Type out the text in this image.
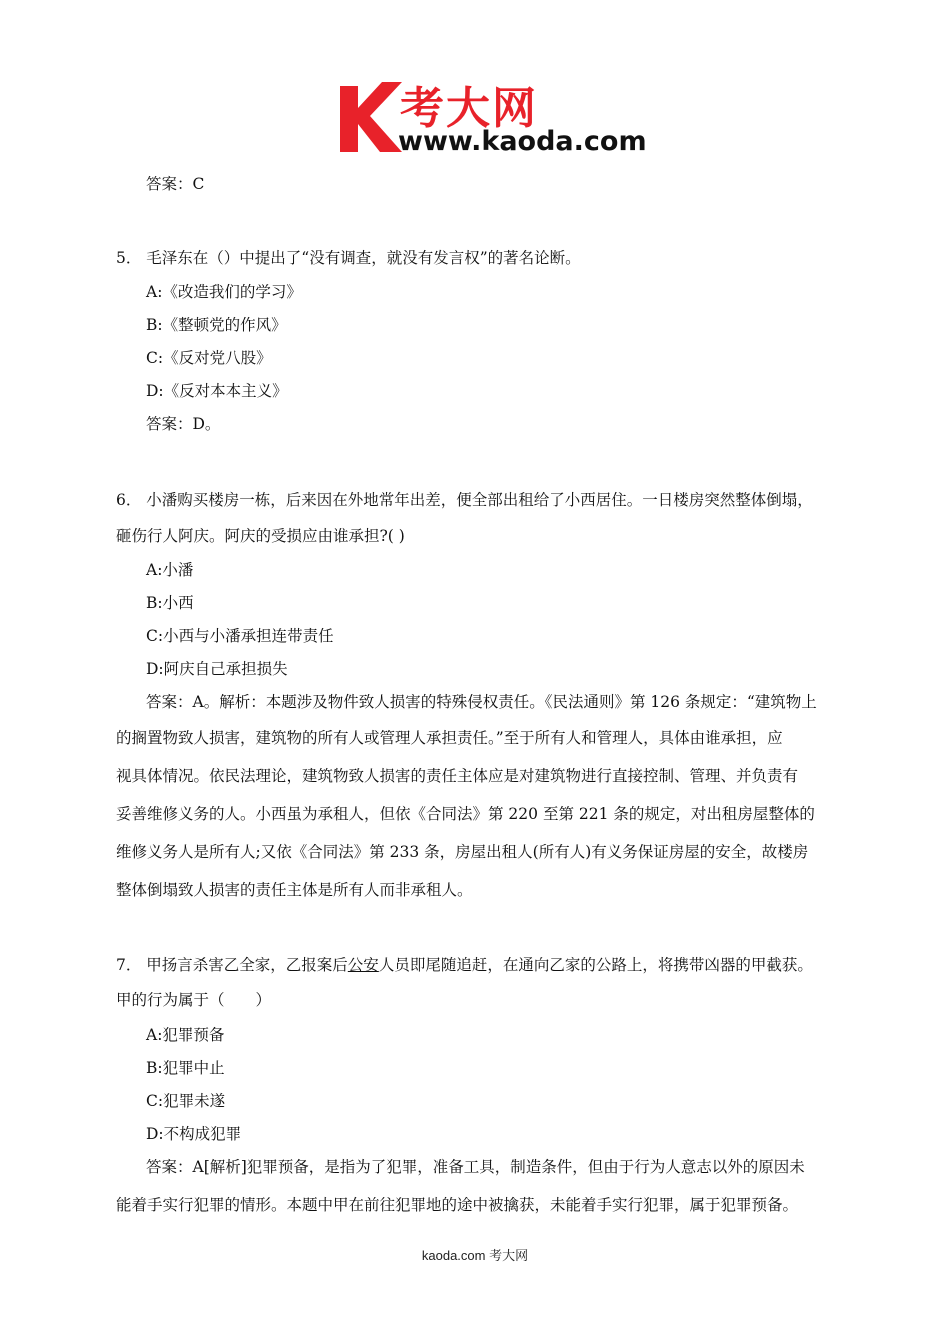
考大网
www.kaoda.com
答案：C
5． 毛泽东在（）中提出了“没有调查，就没有发言权”的著名论断。
A:《改造我们的学习》
B:《整顿党的作风》
C:《反对党八股》
D:《反对本本主义》
答案：D。
6． 小潘购买楼房一栋，后来因在外地常年出差，便全部出租给了小西居住。一日楼房突然整体倒塌，
砸伤行人阿庆。阿庆的受损应由谁承担?( )
A:小潘
B:小西
C:小西与小潘承担连带责任
D:阿庆自己承担损失
答案：A。解析：本题涉及物件致人损害的特殊侵权责任。《民法通则》第 126 条规定：“建筑物上
的搁置物致人损害，建筑物的所有人或管理人承担责任。”至于所有人和管理人，具体由谁承担，应
视具体情况。依民法理论，建筑物致人损害的责任主体应是对建筑物进行直接控制、管理、并负责有
妥善维修义务的人。小西虽为承租人，但依《合同法》第 220 至第 221 条的规定，对出租房屋整体的
维修义务人是所有人;又依《合同法》第 233 条，房屋出租人(所有人)有义务保证房屋的安全，故楼房
整体倒塌致人损害的责任主体是所有人而非承租人。
7． 甲扬言杀害乙全家，乙报案后公安人员即尾随追赶，在通向乙家的公路上，将携带凶器的甲截获。
甲的行为属于（　　）
A:犯罪预备
B:犯罪中止
C:犯罪未遂
D:不构成犯罪
答案：A[解析]犯罪预备，是指为了犯罪，准备工具，制造条件，但由于行为人意志以外的原因未
能着手实行犯罪的情形。本题中甲在前往犯罪地的途中被擒获，未能着手实行犯罪，属于犯罪预备。
kaoda.com 考大网
